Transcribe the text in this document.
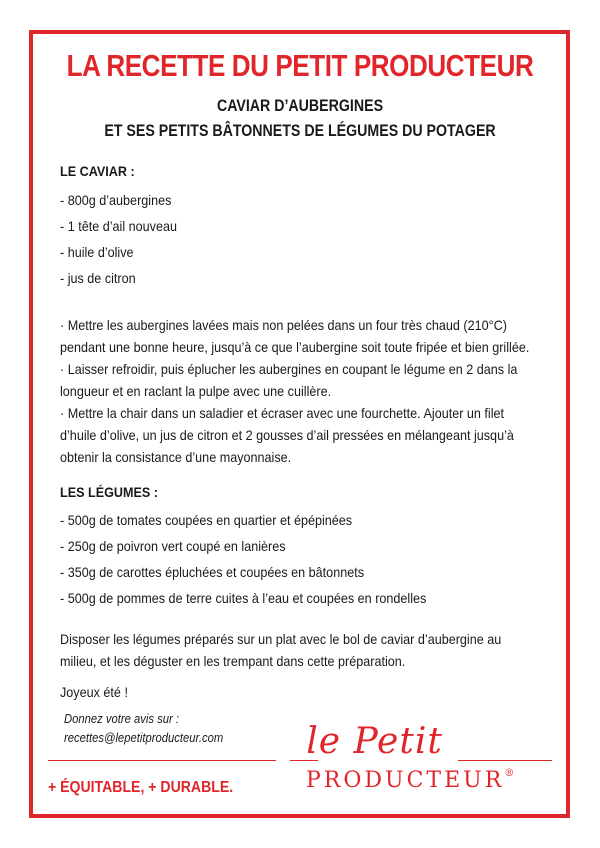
LA RECETTE DU PETIT PRODUCTEUR
CAVIAR D’AUBERGINES
ET SES PETITS BÂTONNETS DE LÉGUMES DU POTAGER
LE CAVIAR :
- 800g d’aubergines
- 1 tête d’ail nouveau
- huile d’olive
- jus de citron
· Mettre les aubergines lavées mais non pelées dans un four très chaud (210°C) pendant une bonne heure, jusqu’à ce que l’aubergine soit toute fripée et bien grillée.
· Laisser refroidir, puis éplucher les aubergines en coupant le légume en 2 dans la longueur et en raclant la pulpe avec une cuillère.
· Mettre la chair dans un saladier et écraser avec une fourchette. Ajouter un filet d’huile d’olive, un jus de citron et 2 gousses d’ail pressées en mélangeant jusqu’à obtenir la consistance d’une mayonnaise.
LES LÉGUMES :
- 500g de tomates coupées en quartier et épépinées
- 250g de poivron vert coupé en lanières
- 350g de carottes épluchées et coupées en bâtonnets
- 500g de pommes de terre cuites à l’eau et coupées en rondelles
Disposer les légumes préparés sur un plat avec le bol de caviar d’aubergine au milieu, et les déguster en les trempant dans cette préparation.
Joyeux été !
Donnez votre avis sur :
recettes@lepetitproducteur.com
+ ÉQUITABLE, + DURABLE.
le Petit
PRODUCTEUR®
